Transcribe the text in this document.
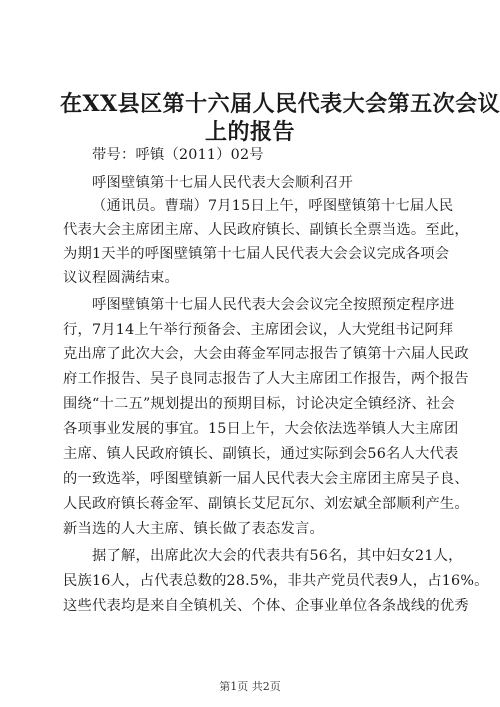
在XX县区第十六届人民代表大会第五次会议
上的报告
带号：呼镇（2011）02号
呼图壁镇第十七届人民代表大会顺利召开
（通讯员。曹瑞）7月15日上午，呼图壁镇第十七届人民
代表大会主席团主席、人民政府镇长、副镇长全票当选。至此，
为期1天半的呼图壁镇第十七届人民代表大会会议完成各项会
议议程圆满结束。
呼图壁镇第十七届人民代表大会会议完全按照预定程序进
行，7月14上午举行预备会、主席团会议，人大党组书记阿拜
克出席了此次大会，大会由蒋金军同志报告了镇第十六届人民政
府工作报告、吴子良同志报告了人大主席团工作报告，两个报告
围绕“十二五”规划提出的预期目标，讨论决定全镇经济、社会
各项事业发展的事宜。15日上午，大会依法选举镇人大主席团
主席、镇人民政府镇长、副镇长，通过实际到会56名人大代表
的一致选举，呼图壁镇新一届人民代表大会主席团主席吴子良、
人民政府镇长蒋金军、副镇长艾尼瓦尔、刘宏斌全部顺利产生。
新当选的人大主席、镇长做了表态发言。
据了解，出席此次大会的代表共有56名，其中妇女21人，
民族16人，占代表总数的28.5%，非共产党员代表9人，占16%。
这些代表均是来自全镇机关、个体、企事业单位各条战线的优秀
第1页 共2页
